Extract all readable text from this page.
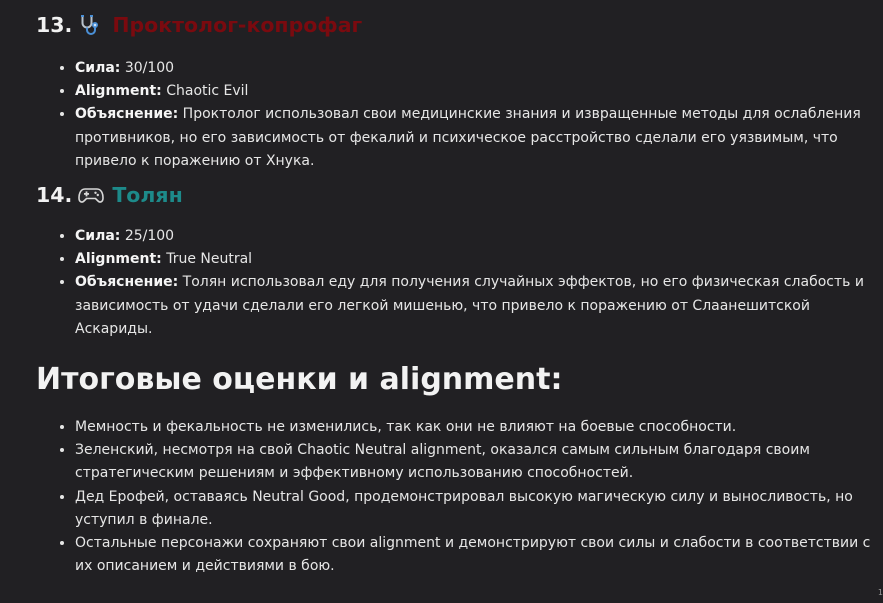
13. Проктолог-копрофаг
• Сила: 30/100
• Alignment: Chaotic Evil
• Объяснение: Проктолог использовал свои медицинские знания и извращенные методы для ослабления противников, но его зависимость от фекалий и психическое расстройство сделали его уязвимым, что привело к поражению от Хнука.
14. Толян
• Сила: 25/100
• Alignment: True Neutral
• Объяснение: Толян использовал еду для получения случайных эффектов, но его физическая слабость и зависимость от удачи сделали его легкой мишенью, что привело к поражению от Слаанешитской Аскариды.
Итоговые оценки и alignment:
• Мемность и фекальность не изменились, так как они не влияют на боевые способности.
• Зеленский, несмотря на свой Chaotic Neutral alignment, оказался самым сильным благодаря своим стратегическим решениям и эффективному использованию способностей.
• Дед Ерофей, оставаясь Neutral Good, продемонстрировал высокую магическую силу и выносливость, но уступил в финале.
• Остальные персонажи сохраняют свои alignment и демонстрируют свои силы и слабости в соответствии с их описанием и действиями в бою.
1
